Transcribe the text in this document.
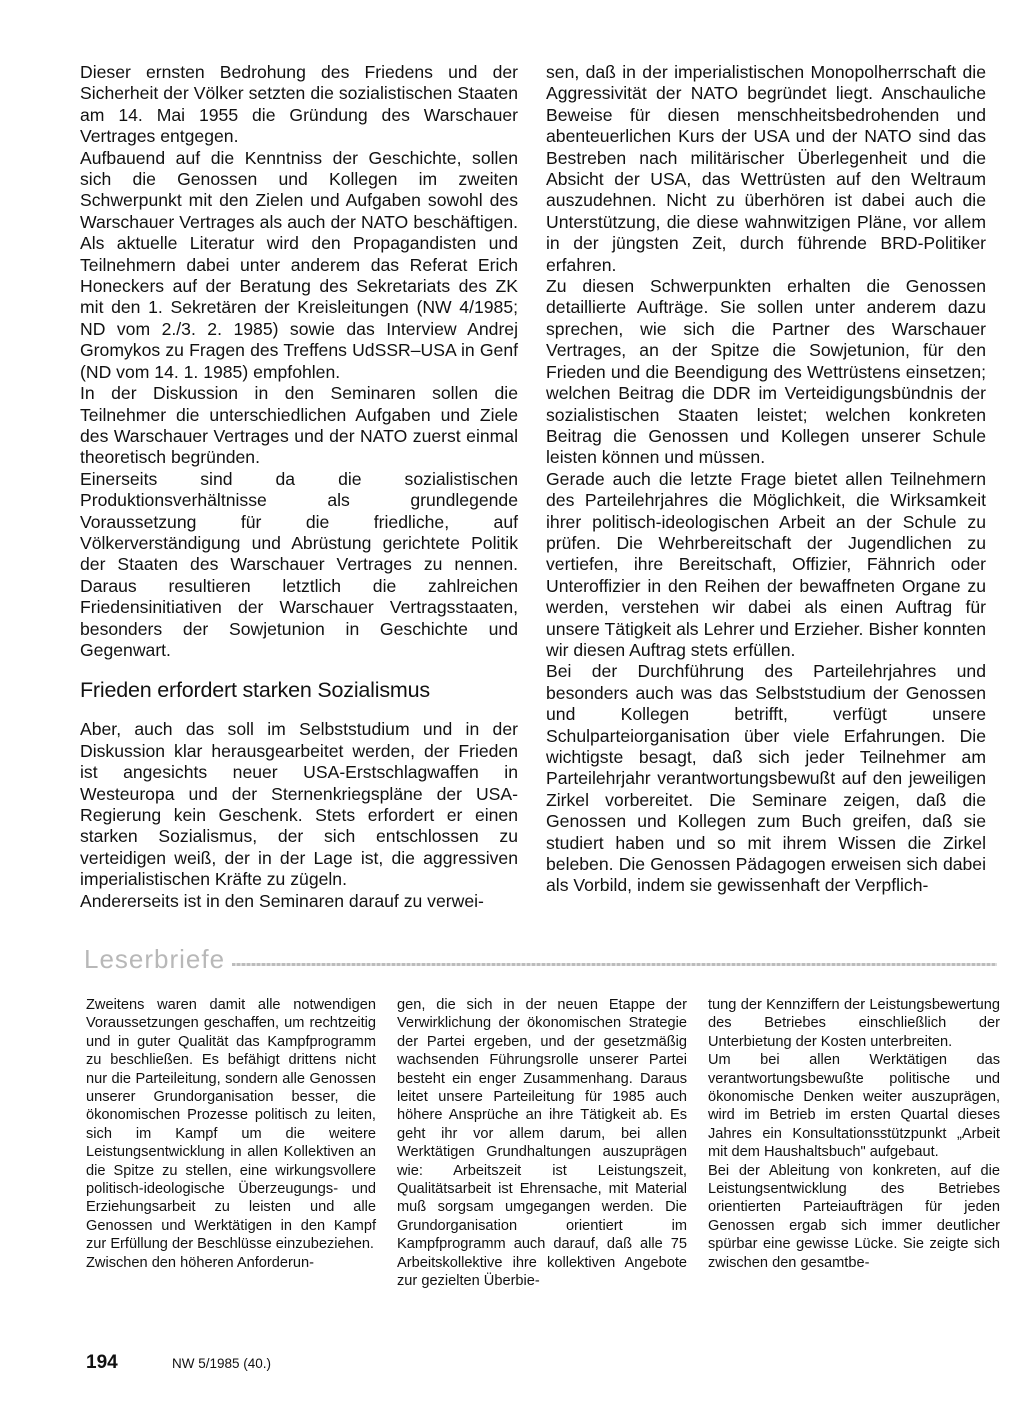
Dieser ernsten Bedrohung des Friedens und der Sicherheit der Völker setzten die sozialistischen Staaten am 14. Mai 1955 die Gründung des Warschauer Vertrages entgegen.

Aufbauend auf die Kenntniss der Geschichte, sollen sich die Genossen und Kollegen im zweiten Schwerpunkt mit den Zielen und Aufgaben sowohl des Warschauer Vertrages als auch der NATO beschäftigen. Als aktuelle Literatur wird den Propagandisten und Teilnehmern dabei unter anderem das Referat Erich Honeckers auf der Beratung des Sekretariats des ZK mit den 1. Sekretären der Kreisleitungen (NW 4/1985; ND vom 2./3. 2. 1985) sowie das Interview Andrej Gromykos zu Fragen des Treffens UdSSR–USA in Genf (ND vom 14. 1. 1985) empfohlen.

In der Diskussion in den Seminaren sollen die Teilnehmer die unterschiedlichen Aufgaben und Ziele des Warschauer Vertrages und der NATO zuerst einmal theoretisch begründen.

Einerseits sind da die sozialistischen Produktionsverhältnisse als grundlegende Voraussetzung für die friedliche, auf Völkerverständigung und Abrüstung gerichtete Politik der Staaten des Warschauer Vertrages zu nennen. Daraus resultieren letztlich die zahlreichen Friedensinitiativen der Warschauer Vertragsstaaten, besonders der Sowjetunion in Geschichte und Gegenwart.

Frieden erfordert starken Sozialismus

Aber, auch das soll im Selbststudium und in der Diskussion klar herausgearbeitet werden, der Frieden ist angesichts neuer USA-Erstschlagwaffen in Westeuropa und der Sternenkriegspläne der USA-Regierung kein Geschenk. Stets erfordert er einen starken Sozialismus, der sich entschlossen zu verteidigen weiß, der in der Lage ist, die aggressiven imperialistischen Kräfte zu zügeln.

Andererseits ist in den Seminaren darauf zu verwei-

sen, daß in der imperialistischen Monopolherrschaft die Aggressivität der NATO begründet liegt. Anschauliche Beweise für diesen menschheitsbedrohenden und abenteuerlichen Kurs der USA und der NATO sind das Bestreben nach militärischer Überlegenheit und die Absicht der USA, das Wettrüsten auf den Weltraum auszudehnen. Nicht zu überhören ist dabei auch die Unterstützung, die diese wahnwitzigen Pläne, vor allem in der jüngsten Zeit, durch führende BRD-Politiker erfahren.

Zu diesen Schwerpunkten erhalten die Genossen detaillierte Aufträge. Sie sollen unter anderem dazu sprechen, wie sich die Partner des Warschauer Vertrages, an der Spitze die Sowjetunion, für den Frieden und die Beendigung des Wettrüstens einsetzen; welchen Beitrag die DDR im Verteidigungsbündnis der sozialistischen Staaten leistet; welchen konkreten Beitrag die Genossen und Kollegen unserer Schule leisten können und müssen.

Gerade auch die letzte Frage bietet allen Teilnehmern des Parteilehrjahres die Möglichkeit, die Wirksamkeit ihrer politisch-ideologischen Arbeit an der Schule zu prüfen. Die Wehrbereitschaft der Jugendlichen zu vertiefen, ihre Bereitschaft, Offizier, Fähnrich oder Unteroffizier in den Reihen der bewaffneten Organe zu werden, verstehen wir dabei als einen Auftrag für unsere Tätigkeit als Lehrer und Erzieher. Bisher konnten wir diesen Auftrag stets erfüllen.

Bei der Durchführung des Parteilehrjahres und besonders auch was das Selbststudium der Genossen und Kollegen betrifft, verfügt unsere Schulparteiorganisation über viele Erfahrungen. Die wichtigste besagt, daß sich jeder Teilnehmer am Parteilehrjahr verantwortungsbewußt auf den jeweiligen Zirkel vorbereitet. Die Seminare zeigen, daß die Genossen und Kollegen zum Buch greifen, daß sie studiert haben und so mit ihrem Wissen die Zirkel beleben. Die Genossen Pädagogen erweisen sich dabei als Vorbild, indem sie gewissenhaft der Verpflich-

Leserbriefe

Zweitens waren damit alle notwendigen Voraussetzungen geschaffen, um rechtzeitig und in guter Qualität das Kampfprogramm zu beschließen. Es befähigt drittens nicht nur die Parteileitung, sondern alle Genossen unserer Grundorganisation besser, die ökonomischen Prozesse politisch zu leiten, sich im Kampf um die weitere Leistungsentwicklung in allen Kollektiven an die Spitze zu stellen, eine wirkungsvollere politisch-ideologische Überzeugungs- und Erziehungsarbeit zu leisten und alle Genossen und Werktätigen in den Kampf zur Erfüllung der Beschlüsse einzubeziehen.

Zwischen den höheren Anforderun-

gen, die sich in der neuen Etappe der Verwirklichung der ökonomischen Strategie der Partei ergeben, und der gesetzmäßig wachsenden Führungsrolle unserer Partei besteht ein enger Zusammenhang. Daraus leitet unsere Parteileitung für 1985 auch höhere Ansprüche an ihre Tätigkeit ab. Es geht ihr vor allem darum, bei allen Werktätigen Grundhaltungen auszuprägen wie: Arbeitszeit ist Leistungszeit, Qualitätsarbeit ist Ehrensache, mit Material muß sorgsam umgegangen werden. Die Grundorganisation orientiert im Kampfprogramm auch darauf, daß alle 75 Arbeitskollektive ihre kollektiven Angebote zur gezielten Überbie-

tung der Kennziffern der Leistungsbewertung des Betriebes einschließlich der Unterbietung der Kosten unterbreiten.

Um bei allen Werktätigen das verantwortungsbewußte politische und ökonomische Denken weiter auszuprägen, wird im Betrieb im ersten Quartal dieses Jahres ein Konsultationsstützpunkt „Arbeit mit dem Haushaltsbuch" aufgebaut.

Bei der Ableitung von konkreten, auf die Leistungsentwicklung des Betriebes orientierten Parteiaufträgen für jeden Genossen ergab sich immer deutlicher spürbar eine gewisse Lücke. Sie zeigte sich zwischen den gesamtbe-

194	NW 5/1985 (40.)
